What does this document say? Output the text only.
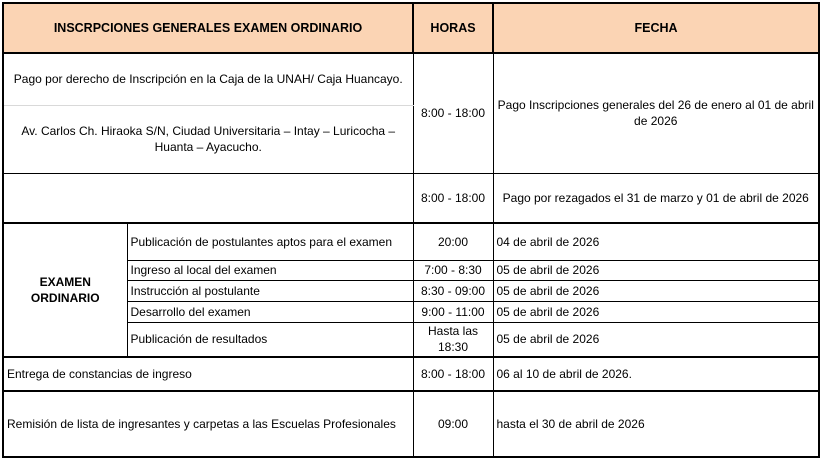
INSCRPCIONES GENERALES EXAMEN ORDINARIO		HORAS	FECHA
Pago por derecho de Inscripción en la Caja de la UNAH/ Caja Huancayo.		8:00 - 18:00	Pago Inscripciones generales del 26 de enero al 01 de abril de 2026
Av. Carlos Ch. Hiraoka S/N, Ciudad Universitaria – Intay – Luricocha – Huanta – Ayacucho.			
		8:00 - 18:00	Pago por rezagados el 31 de marzo y 01 de abril de 2026
EXAMEN ORDINARIO	Publicación de postulantes aptos para el examen	20:00	04 de abril de 2026
	Ingreso al local del examen	7:00 - 8:30	05 de abril de 2026
	Instrucción al postulante	8:30 - 09:00	05 de abril de 2026
	Desarrollo del examen	9:00 - 11:00	05 de abril de 2026
	Publicación de resultados	Hasta las 18:30	05 de abril de 2026
Entrega de constancias de ingreso		8:00 - 18:00	06 al 10 de abril de 2026.
Remisión de lista de ingresantes y carpetas a las Escuelas Profesionales		09:00	hasta el 30 de abril de 2026
